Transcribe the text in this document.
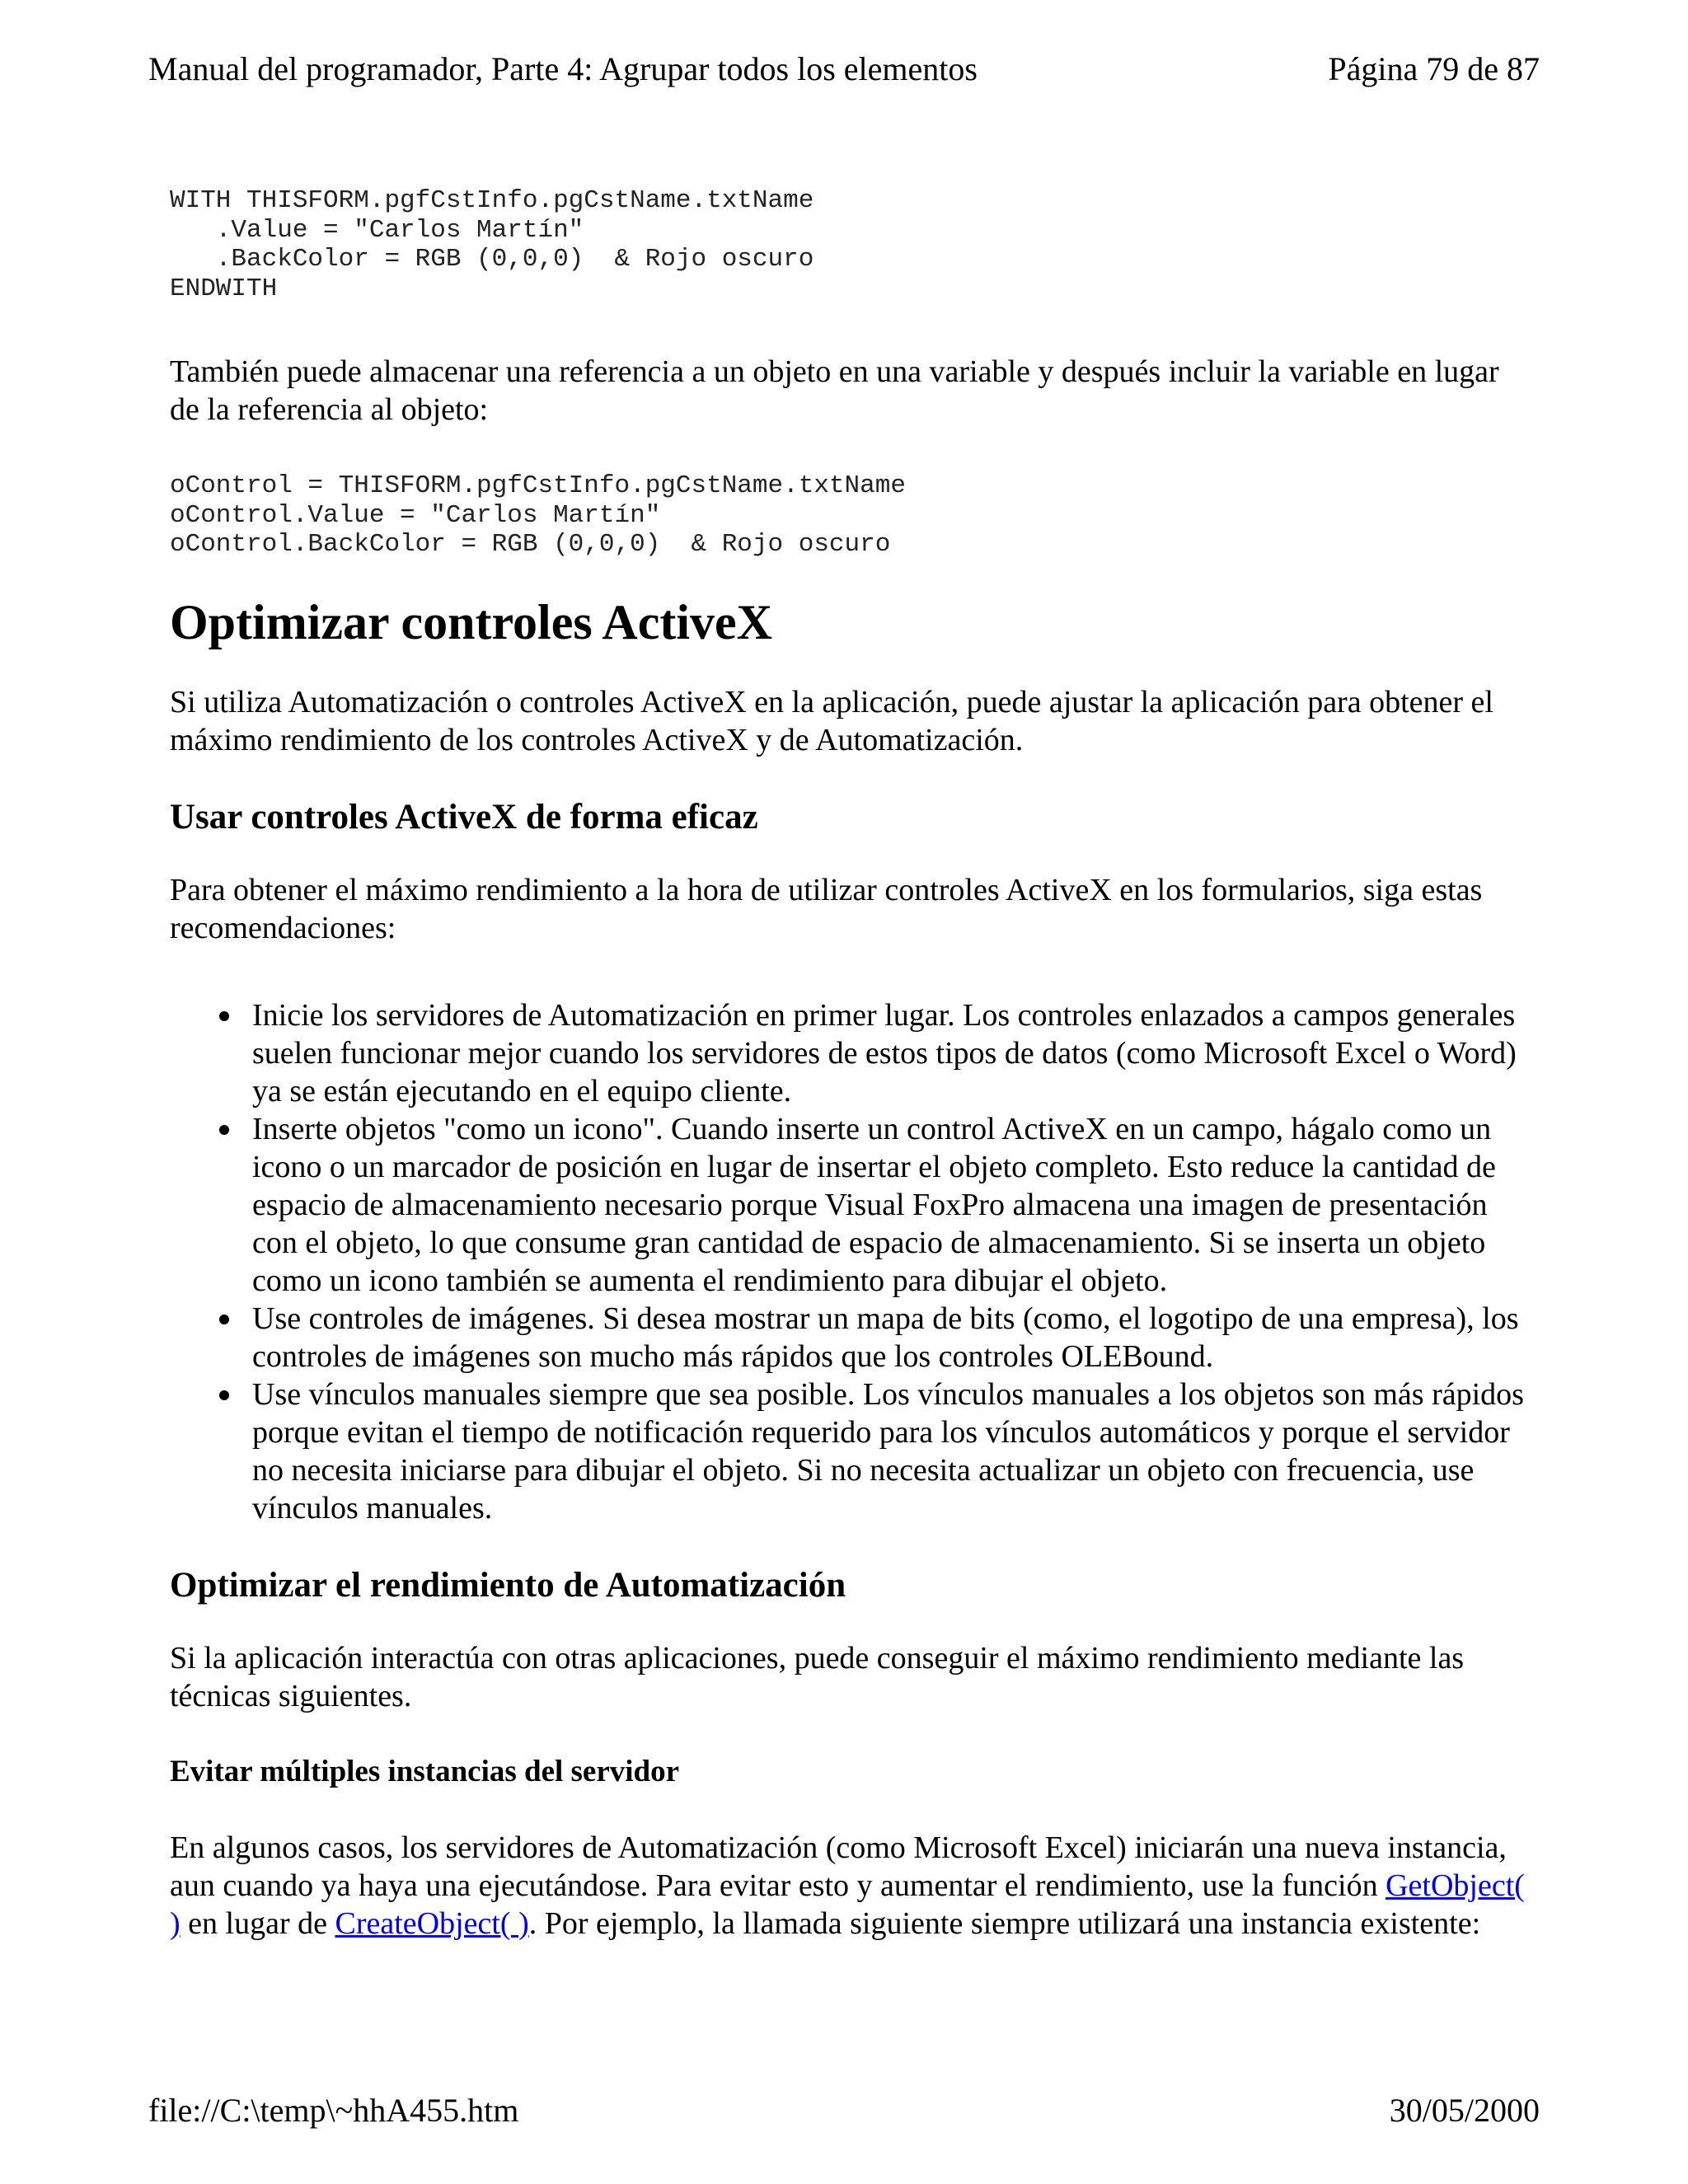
Manual del programador, Parte 4: Agrupar todos los elementos	Página 79 de 87
WITH THISFORM.pgfCstInfo.pgCstName.txtName
.Value = "Carlos Martín"
.BackColor = RGB (0,0,0)  & Rojo oscuro
ENDWITH

También puede almacenar una referencia a un objeto en una variable y después incluir la variable en lugar de la referencia al objeto:

oControl = THISFORM.pgfCstInfo.pgCstName.txtName
oControl.Value = "Carlos Martín"
oControl.BackColor = RGB (0,0,0)  & Rojo oscuro
Optimizar controles ActiveX

Si utiliza Automatización o controles ActiveX en la aplicación, puede ajustar la aplicación para obtener el máximo rendimiento de los controles ActiveX y de Automatización.

Usar controles ActiveX de forma eficaz

Para obtener el máximo rendimiento a la hora de utilizar controles ActiveX en los formularios, siga estas recomendaciones:

Inicie los servidores de Automatización en primer lugar. Los controles enlazados a campos generales suelen funcionar mejor cuando los servidores de estos tipos de datos (como Microsoft Excel o Word) ya se están ejecutando en el equipo cliente.
Inserte objetos "como un icono". Cuando inserte un control ActiveX en un campo, hágalo como un icono o un marcador de posición en lugar de insertar el objeto completo. Esto reduce la cantidad de espacio de almacenamiento necesario porque Visual FoxPro almacena una imagen de presentación con el objeto, lo que consume gran cantidad de espacio de almacenamiento. Si se inserta un objeto como un icono también se aumenta el rendimiento para dibujar el objeto.
Use controles de imágenes. Si desea mostrar un mapa de bits (como, el logotipo de una empresa), los controles de imágenes son mucho más rápidos que los controles OLEBound.
Use vínculos manuales siempre que sea posible. Los vínculos manuales a los objetos son más rápidos porque evitan el tiempo de notificación requerido para los vínculos automáticos y porque el servidor no necesita iniciarse para dibujar el objeto. Si no necesita actualizar un objeto con frecuencia, use vínculos manuales.
Optimizar el rendimiento de Automatización

Si la aplicación interactúa con otras aplicaciones, puede conseguir el máximo rendimiento mediante las técnicas siguientes.

Evitar múltiples instancias del servidor

En algunos casos, los servidores de Automatización (como Microsoft Excel) iniciarán una nueva instancia, aun cuando ya haya una ejecutándose. Para evitar esto y aumentar el rendimiento, use la función GetObject( ) en lugar de CreateObject( ). Por ejemplo, la llamada siguiente siempre utilizará una instancia existente:

file://C:\temp\~hhA455.htm	30/05/2000
